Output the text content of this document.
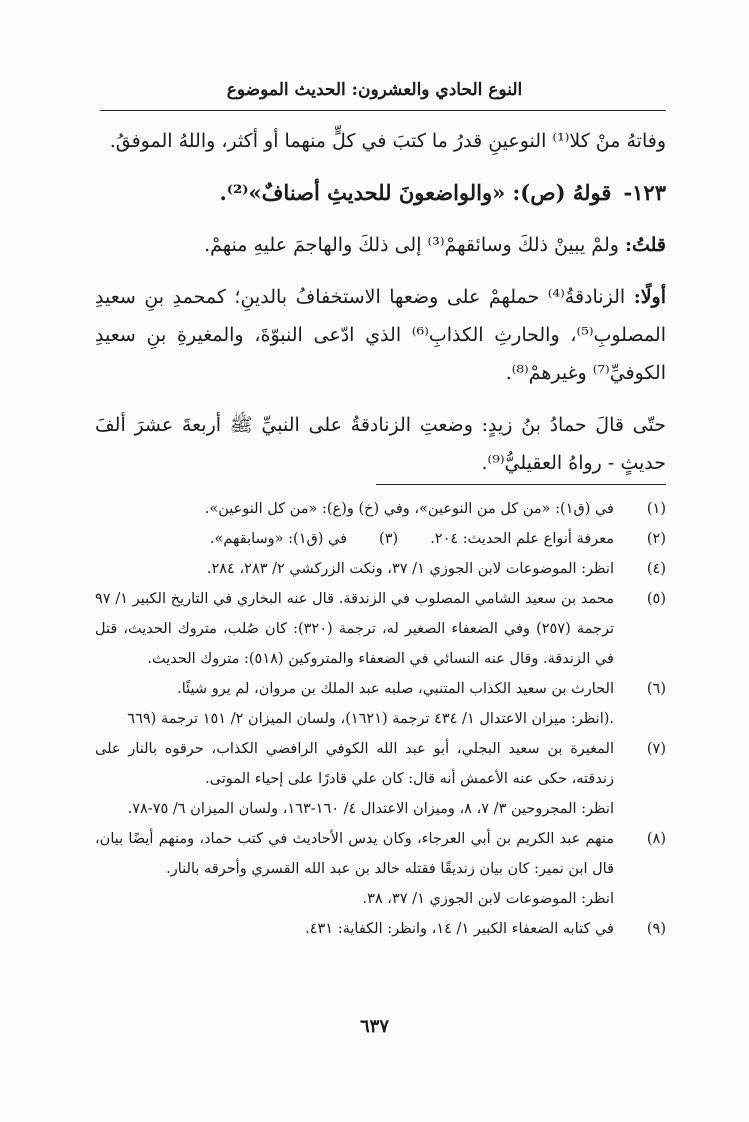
النوع الحادي والعشرون: الحديث الموضوع

وفاتهُ منْ كلا⁽¹⁾ النوعينِ قدرُ ما كتبَ في كلٍّ منهما أو أكثر، واللهُ الموفقُ.

١٢٣-قولهُ (ص): «والواضعونَ للحديثِ أصنافٌ»⁽²⁾.

قلتُ: ولمْ يبينْ ذلكَ وسائقهمْ⁽³⁾ إلى ذلكَ والهاجمَ عليهِ منهمْ.

أولًا: الزنادقةُ⁽⁴⁾ حملهمْ على وضعها الاستخفافُ بالدينِ؛ كمحمدِ بنِ سعيدِ المصلوبِ⁽⁵⁾، والحارثِ الكذابِ⁽⁶⁾ الذي ادّعى النبوّةَ، والمغيرةِ بنِ سعيدِ الكوفيِّ⁽⁷⁾ وغيرهمْ⁽⁸⁾.

حتّى قالَ حمادُ بنُ زيدٍ: وضعتِ الزنادقةُ على النبيِّ ﷺ أربعةَ عشرَ ألفَ حديثٍ - رواهُ العقيليُّ⁽⁹⁾.

(١)
في (ق١): «من كل من النوعين»، وفي (خ) و(ع): «من كل النوعين».
(٢)
معرفة أنواع علم الحديث: ٢٠٤.(٣)في (ق١): «وسابقهم».
(٤)
انظر: الموضوعات لابن الجوزي ١/ ٣٧، ونكت الزركشي ٢/ ٢٨٣، ٢٨٤.
(٥)
محمد بن سعيد الشامي المصلوب في الزندقة. قال عنه البخاري في التاريخ الكبير ١/ ٩٧ ترجمة (٢٥٧) وفي الضعفاء الصغير له، ترجمة (٣٢٠): كان صُلب، متروك الحديث، قتل في الزندقة. وقال عنه النسائي في الضعفاء والمتروكين (٥١٨): متروك الحديث.
(٦)
الحارث بن سعيد الكذاب المتنبي، صلبه عبد الملك بن مروان، لم يرو شيئًا.
.(انظر: ميزان الاعتدال ١/ ٤٣٤ ترجمة (١٦٢١)، ولسان الميزان ٢/ ١٥١ ترجمة (٦٦٩
(٧)
المغيرة بن سعيد البجلي، أبو عبد الله الكوفي الرافضي الكذاب، حرقوه بالنار على زندقته، حكى عنه الأعمش أنه قال: كان علي قادرًا على إحياء الموتى.
انظر: المجروحين ٣/ ٧، ٨، وميزان الاعتدال ٤/ ١٦٠-١٦٣، ولسان الميزان ٦/ ٧٥-٧٨.
(٨)
منهم عبد الكريم بن أبي العرجاء، وكان يدس الأحاديث في كتب حماد، ومنهم أيضًا بيان، قال ابن نمير: كان بيان زنديقًا فقتله خالد بن عبد الله القسري وأحرقه بالنار.
انظر: الموضوعات لابن الجوزي ١/ ٣٧، ٣٨.
(٩)
في كتابه الضعفاء الكبير ١/ ١٤، وانظر: الكفاية: ٤٣١.
٦٣٧
